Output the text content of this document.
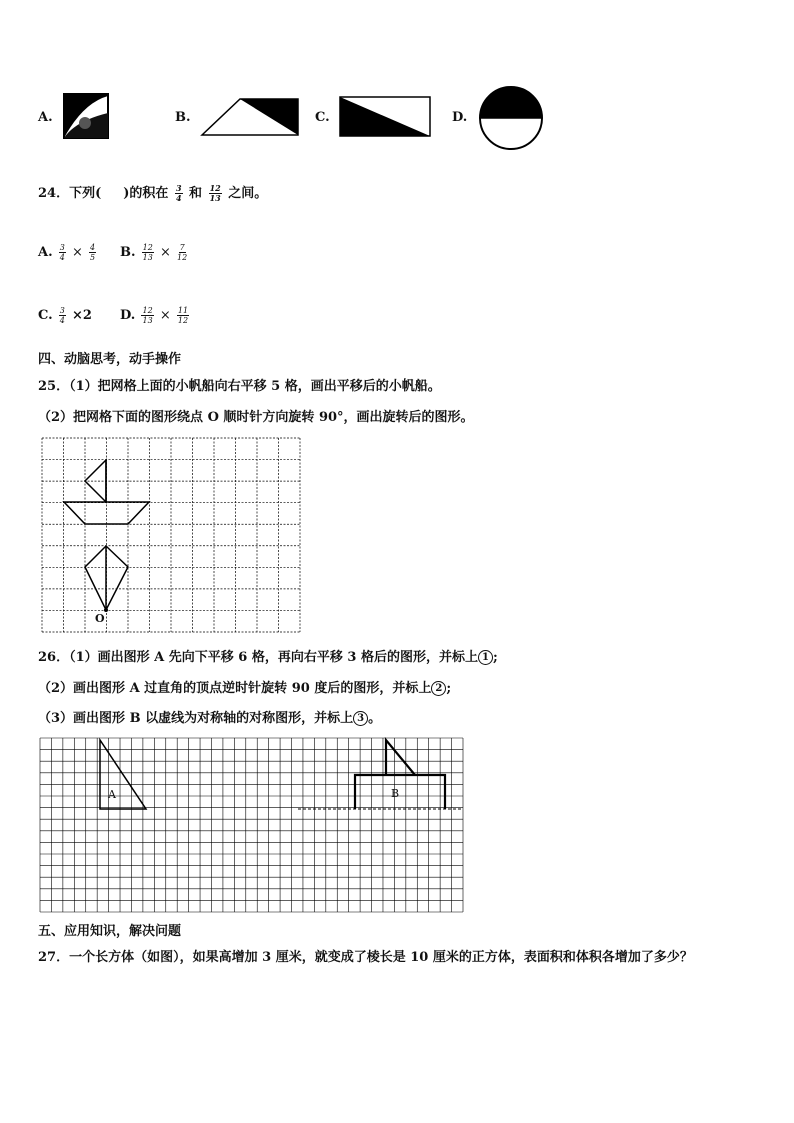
A.	B.	C.	D.
24．下列( )的积在 $\frac{3}{4}$ 和 $\frac{12}{13}$ 之间。
A. $\frac{3}{4} \times \frac{4}{5} B$. $\frac{12}{13} \times \frac{7}{12}$
C. $\frac{3}{4} \times 2$ D. $\frac{12}{13} \times \frac{11}{12}$
四、动脑思考，动手操作
25．（1）把网格上面的小帆船向右平移 5 格，画出平移后的小帆船。
（2）把网格下面的图形绕点 O 顺时针方向旋转 90°，画出旋转后的图形。
O
26．（1）画出图形 A 先向下平移 6 格，再向右平移 3 格后的图形，并标上 1 ;
（2）画出图形 A 过直角的顶点逆时针旋转 90 度后的图形，并标上 2 ;
（3）画出图形 B 以虚线为对称轴的对称图形，并标上 3 。
A	B
五、应用知识，解决问题
27．一个长方体（如图），如果高增加 3 厘米，就变成了棱长是 10 厘米的正方体，表面积和体积各增加了多少？
